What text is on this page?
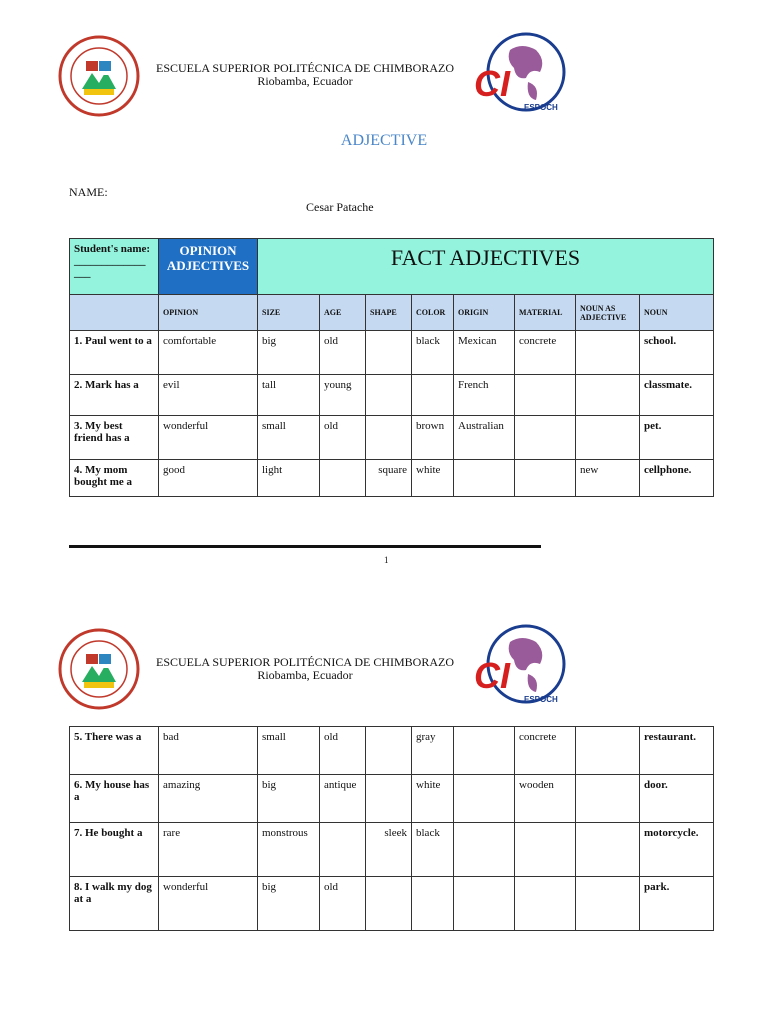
ESCUELA SUPERIOR POLITÉCNICA DE CHIMBORAZO
Riobamba, Ecuador	CI
ESPOCH
ADJECTIVE
NAME:
Cesar Patache
Student's name: _____________ ___	OPINION ADJECTIVES	FACT ADJECTIVES							
	OPINION	SIZE	AGE	SHAPE	COLOR	ORIGIN	MATERIAL	NOUN AS ADJECTIVE	NOUN
1. Paul went to a	comfortable	big	old		black	Mexican	concrete		school.
2. Mark has a	evil	tall	young			French			classmate.
3. My best friend has a	wonderful	small	old		brown	Australian			pet.
4. My mom bought me a	good	light		square	white			new	cellphone.
1
ESCUELA SUPERIOR POLITÉCNICA DE CHIMBORAZO
Riobamba, Ecuador	CI
ESPOCH
5. There was a	bad	small	old		gray		concrete		restaurant.
6. My house has a	amazing	big	antique		white		wooden		door.
7. He bought a	rare	monstrous		sleek	black				motorcycle.
8. I walk my dog at a	wonderful	big	old						park.
